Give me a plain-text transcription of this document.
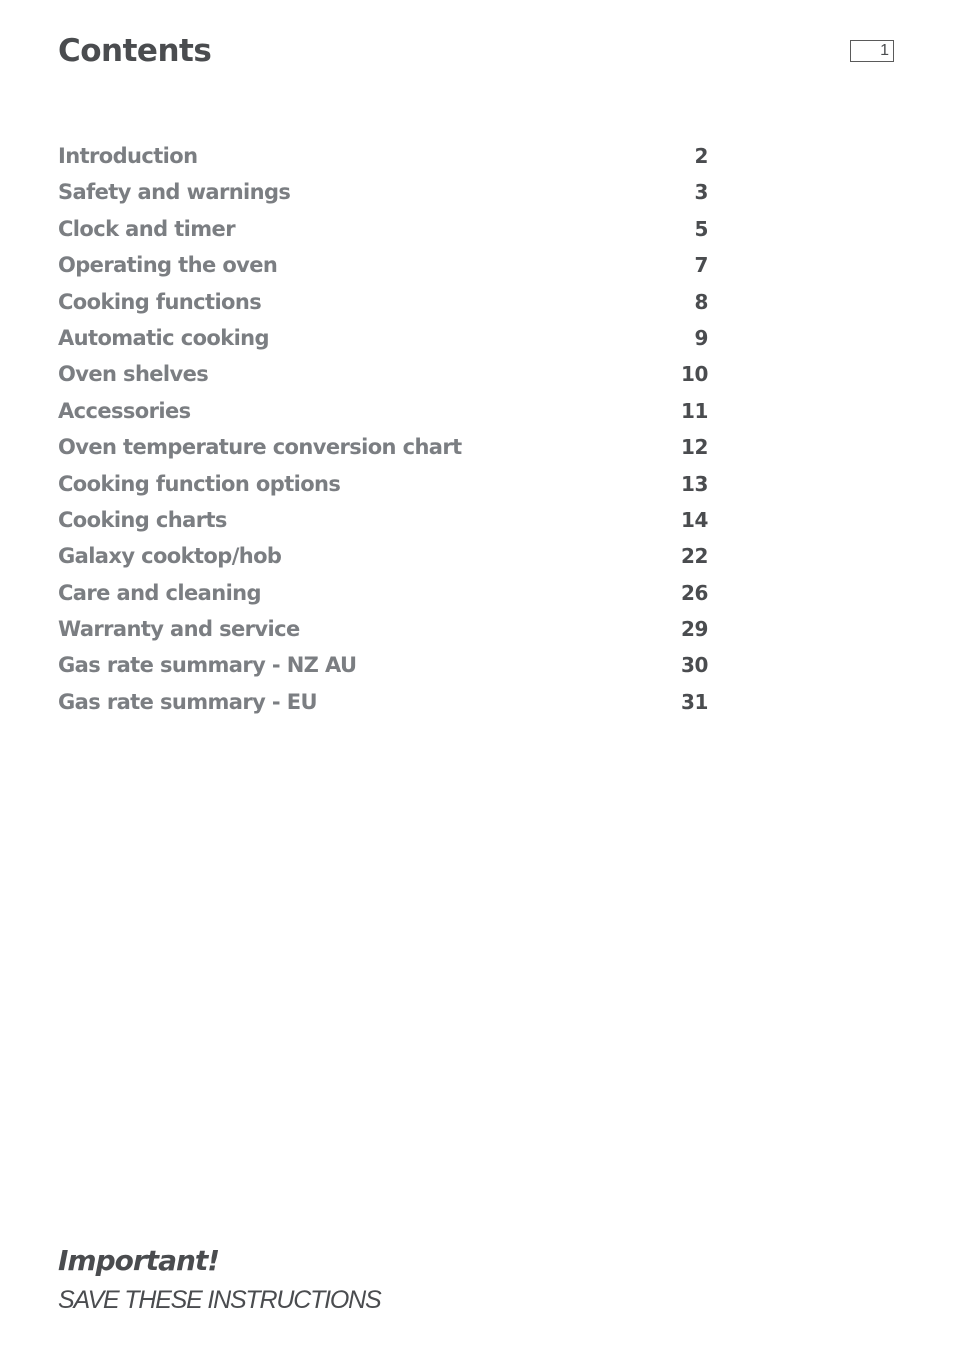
Contents	1
Introduction	2
Safety and warnings	3
Clock and timer	5
Operating the oven	7
Cooking functions	8
Automatic cooking	9
Oven shelves	10
Accessories	11
Oven temperature conversion chart	12
Cooking function options	13
Cooking charts	14
Galaxy cooktop/hob	22
Care and cleaning	26
Warranty and service	29
Gas rate summary - NZ AU	30
Gas rate summary - EU	31
Important!
SAVE THESE INSTRUCTIONS
